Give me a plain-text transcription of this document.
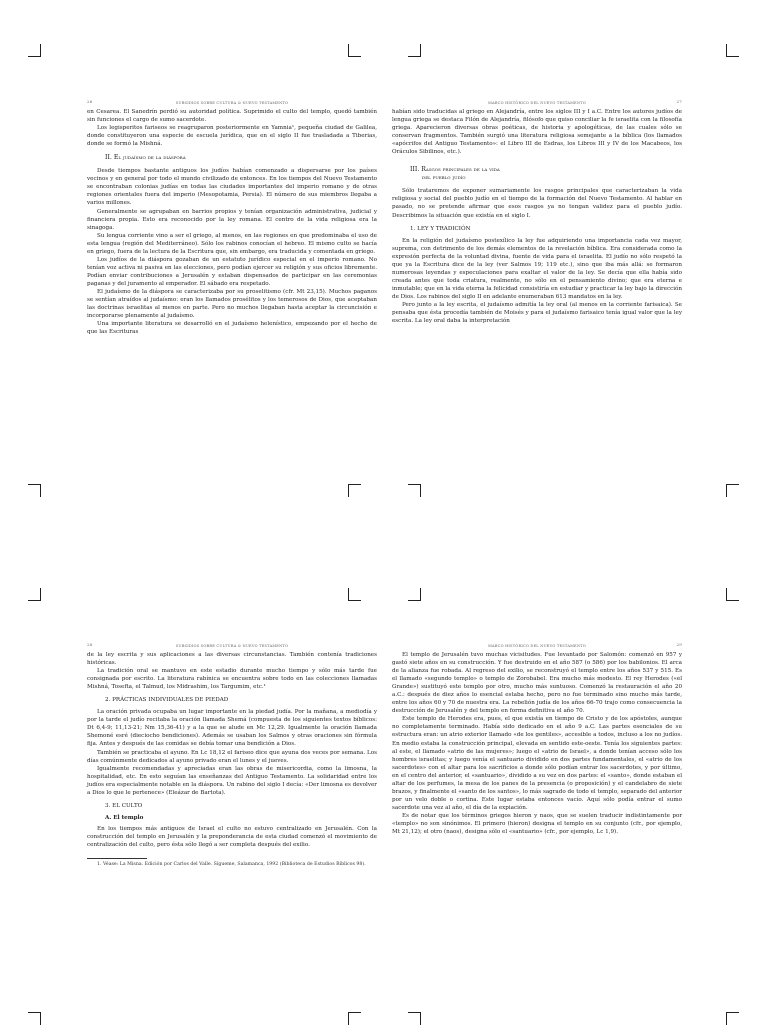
26	SUBSIDIOS SOBRE CULTURA & NUEVO TESTAMENTO

en Cesarea. El Sanedrín perdió su autoridad política. Suprimido el culto del templo, quedó también sin funciones el cargo de sumo sacerdote.

Los legisperitos fariseos se reagruparon posteriormente en Yamnia¹, pequeña ciudad de Galilea, donde constituyeron una especie de escuela jurídica, que en el siglo II fue trasladada a Tiberias, donde se formó la Mishná.

II. El judaísmo de la diáspora

Desde tiempos bastante antiguos los judíos habían comenzado a dispersarse por los países vecinos y en general por todo el mundo civilizado de entonces. En los tiempos del Nuevo Testamento se encontraban colonias judías en todas las ciudades importantes del imperio romano y de otras regiones orientales fuera del imperio (Mesopotamia, Persia). El número de sus miembros llegaba a varios millones.

Generalmente se agrupaban en barrios propios y tenían organización administrativa, judicial y financiera propia. Esto era reconocido por la ley romana. El centro de la vida religiosa era la sinagoga.

Su lengua corriente vino a ser el griego, al menos, en las regiones en que predominaba el uso de esta lengua (región del Mediterráneo). Sólo los rabinos conocían el hebreo. El mismo culto se hacía en griego, fuera de la lectura de la Escritura que, sin embargo, era traducida y comentada en griego.

Los judíos de la diáspora gozaban de un estatuto jurídico especial en el imperio romano. No tenían voz activa ni pasiva en las elecciones, pero podían ejercer su religión y sus oficios libremente. Podían enviar contribuciones a Jerusalén y estaban dispensados de participar en las ceremonias paganas y del juramento al emperador. El sábado era respetado.

El judaísmo de la diáspora se caracterizaba por su proselitismo (cfr. Mt 23,15). Muchos paganos se sentían atraídos al judaísmo: eran los llamados prosélitos y los temerosos de Dios, que aceptaban las doctrinas israelitas al menos en parte. Pero no muchos llegaban hasta aceptar la circuncisión e incorporarse plenamente al judaísmo.

Una importante literatura se desarrolló en el judaísmo helenístico, empezando por el hecho de que las Escrituras

MARCO HISTÓRICO DEL NUEVO TESTAMENTO	27

habían sido traducidas al griego en Alejandría, entre los siglos III y I a.C. Entre los autores judíos de lengua griega se destaca Filón de Alejandría, filósofo que quiso conciliar la fe israelita con la filosofía griega. Aparecieron diversas obras poéticas, de historia y apologéticas, de las cuales sólo se conservan fragmentos. También surgió una literatura religiosa semejante a la bíblica (los llamados «apócrifos del Antiguo Testamento»: el Libro III de Esdras, los Libros III y IV de los Macabeos, los Oráculos Sibilinos, etc.).

III. Rasgos principales de la vida
del pueblo judío

Sólo trataremos de exponer sumariamente los rasgos principales que caracterizaban la vida religiosa y social del pueblo judío en el tiempo de la formación del Nuevo Testamento. Al hablar en pasado, no se pretende afirmar que esos rasgos ya no tengan validez para el pueblo judío. Describimos la situación que existía en el siglo I.

1. LEY Y TRADICIÓN

En la religión del judaísmo postexílico la ley fue adquiriendo una importancia cada vez mayor, suprema, con detrimento de los demás elementos de la revelación bíblica. Era considerada como la expresión perfecta de la voluntad divina, fuente de vida para el israelita. El judío no sólo respetó la que ya la Escritura dice de la ley (ver Salmos 19; 119 etc.), sino que iba más allá: se formaron numerosas leyendas y especulaciones para exaltar el valor de la ley. Se decía que ella había sido creada antes que toda criatura, realmente, no sólo en el pensamiento divino; que era eterna e inmutable; que en la vida eterna la felicidad consistiría en estudiar y practicar la ley bajo la dirección de Dios. Los rabinos del siglo II en adelante enumeraban 613 mandatos en la ley.

Pero junto a la ley escrita, el judaísmo admitía la ley oral (al menos en la corriente farisaica). Se pensaba que ésta procedía también de Moisés y para el judaísmo farisaico tenía igual valor que la ley escrita. La ley oral daba la interpretación

28	SUBSIDIOS SOBRE CULTURA & NUEVO TESTAMENTO

de la ley escrita y sus aplicaciones a las diversas circunstancias. También contenía tradiciones históricas.

La tradición oral se mantuvo en este estadio durante mucho tiempo y sólo más tarde fue consignada por escrito. La literatura rabínica se encuentra sobre todo en las colecciones llamadas Mishná, Tosefta, el Talmud, los Midrashim, los Targumim, etc.¹

2. PRÁCTICAS INDIVIDUALES DE PIEDAD

La oración privada ocupaba un lugar importante en la piedad judía. Por la mañana, a mediodía y por la tarde el judío recitaba la oración llamada Shemá (compuesta de los siguientes textos bíblicos: Dt 6,4-9; 11,13-21; Nm 15,36-41) y a la que se alude en Mc 12,29. Igualmente la oración llamada Shemoné esré (dieciocho bendiciones). Además se usaban los Salmos y otras oraciones sin fórmula fija. Antes y después de las comidas se debía tomar una bendición a Dios.

También se practicaba el ayuno. En Lc 18,12 el fariseo dice que ayuna dos veces por semana. Los días comúnmente dedicados al ayuno privado eran el lunes y el jueves.

Igualmente recomendadas y apreciadas eran las obras de misericordia, como la limosna, la hospitalidad, etc. En esto seguían las enseñanzas del Antiguo Testamento. La solidaridad entre los judíos era especialmente notable en la diáspora. Un rabino del siglo I decía: «Der limosna es devolver a Dios lo que le pertenece» (Eleázar de Bartota).

3. EL CULTO
A. El templo

En los tiempos más antiguos de Israel el culto no estuvo centralizado en Jerusalén. Con la construcción del templo en Jerusalén y la preponderancia de esta ciudad comenzó el movimiento de centralización del culto, pero ésta sólo llegó a ser completa después del exilio.

1. Véase: La Misna. Edición por Carlos del Valle. Sígueme, Salamanca, 1992 (Biblioteca de Estudios Bíblicos 98).

MARCO HISTÓRICO DEL NUEVO TESTAMENTO	29

El templo de Jerusalén tuvo muchas vicisitudes. Fue levantado por Salomón: comenzó en 957 y gastó siete años en su construcción. Y fue destruido en el año 587 (o 586) por los babilonios. El arca de la alianza fue robada. Al regreso del exilio, se reconstruyó el templo entre los años 537 y 515. Es el llamado «segundo templo» o templo de Zorobabel. Era mucho más modesto. El rey Herodes («el Grande») sustituyó este templo por otro, mucho más suntuoso. Comenzó la restauración el año 20 a.C.: después de diez años lo esencial estaba hecho, pero no fue terminado sino mucho más tarde, entre los años 60 y 70 de nuestra era. La rebelión judía de los años 66-70 trajo como consecuencia la destrucción de Jerusalén y del templo en forma definitiva el año 70.

Este templo de Herodes era, pues, el que existía en tiempo de Cristo y de los apóstoles, aunque no completamente terminado. Había sido dedicado en el año 9 a.C. Las partes esenciales de su estructura eran: un atrio exterior llamado «de los gentiles», accesible a todos, incluso a los no judíos. En medio estaba la construcción principal, elevada en sentido este-oeste. Tenía los siguientes partes: al este, el llamado «atrio de las mujeres»; luego el «atrio de Israel», a donde tenían acceso sólo los hombres israelitas; y luego venía el santuario dividido en dos partes fundamentales, el «atrio de los sacerdotes» con el altar para los sacrificios a donde sólo podían entrar los sacerdotes, y por último, en el centro del anterior, el «santuario», dividido a su vez en dos partes: el «santo», donde estaban el altar de los perfumes, la mesa de los panes de la presencia (o proposición) y el candelabro de siete brazos, y finalmente el «santo de los santos», lo más sagrado de todo el templo, separado del anterior por un velo doble o cortina. Este lugar estaba entonces vacío. Aquí sólo podía entrar el sumo sacerdote una vez al año, el día de la expiación.

Es de notar que los términos griegos hieron y naos, que se suelen traducir indistintamente por «templo» no son sinónimos. El primero (hieron) designa el templo en su conjunto (cfr., por ejemplo, Mt 21,12); el otro (naos), designa sólo el «santuario» (cfr., por ejemplo, Lc 1,9).
